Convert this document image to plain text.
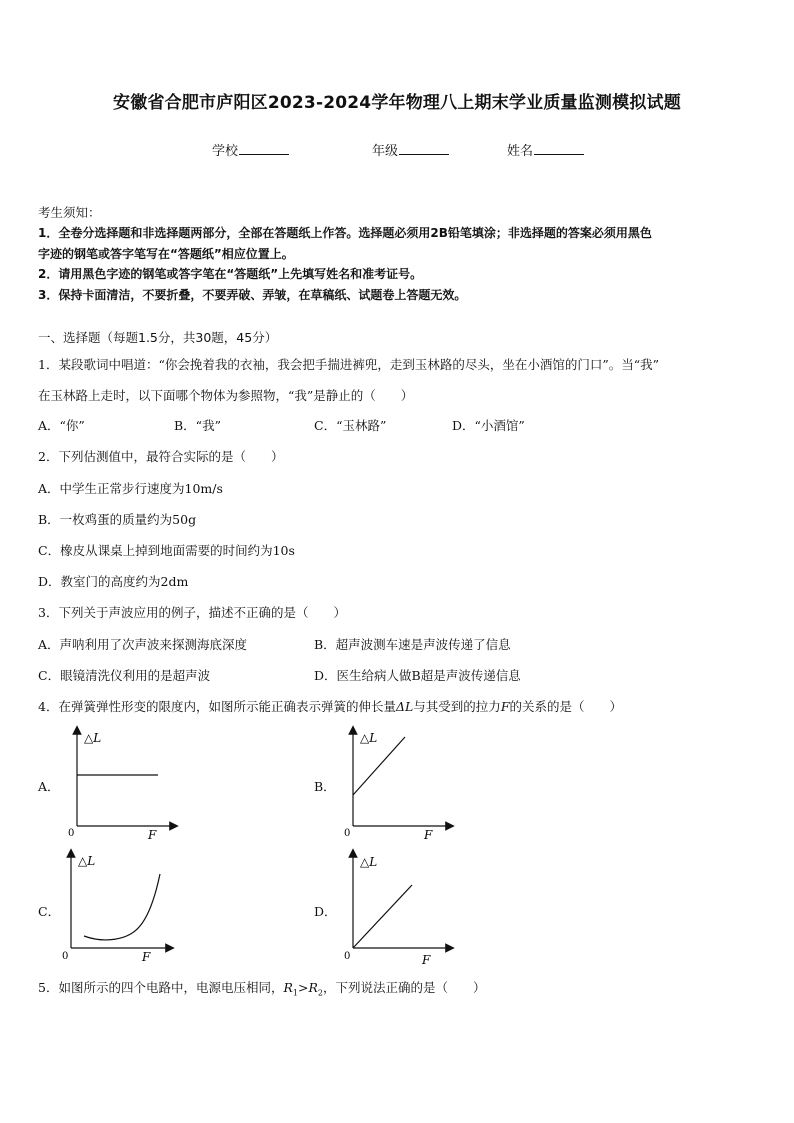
安徽省合肥市庐阳区2023-2024学年物理八上期末学业质量监测模拟试题
学校	年级	姓名
考生须知：
1．全卷分选择题和非选择题两部分，全部在答题纸上作答。选择题必须用2B铅笔填涂；非选择题的答案必须用黑色
字迹的钢笔或答字笔写在“答题纸”相应位置上。
2．请用黑色字迹的钢笔或答字笔在“答题纸”上先填写姓名和准考证号。
3．保持卡面清洁，不要折叠，不要弄破、弄皱，在草稿纸、试题卷上答题无效。
一、选择题（每题1.5分，共30题，45分）
1．某段歌词中唱道：“你会挽着我的衣袖，我会把手揣进裤兜，走到玉林路的尽头，坐在小酒馆的门口”。当“我”
在玉林路上走时，以下面哪个物体为参照物，“我”是静止的（　　）
A．“你”	B．“我”	C．“玉林路”	D．“小酒馆”
2．下列估测值中，最符合实际的是（　　）
A．中学生正常步行速度为10m/s
B．一枚鸡蛋的质量约为50g
C．橡皮从课桌上掉到地面需要的时间约为10s
D．教室门的高度约为2dm
3．下列关于声波应用的例子，描述不正确的是（　　）
A．声呐利用了次声波来探测海底深度	B．超声波测车速是声波传递了信息
C．眼镜清洗仪利用的是超声波	D．医生给病人做B超是声波传递信息
4．在弹簧弹性形变的限度内，如图所示能正确表示弹簧的伸长量ΔL与其受到的拉力F的关系的是（　　）
A．	B．
C．	D．
△L
0	F
△L
0	F
△L
0	F
△L
0	F
5．如图所示的四个电路中，电源电压相同，$R_1>R_2$，下列说法正确的是（　　）
